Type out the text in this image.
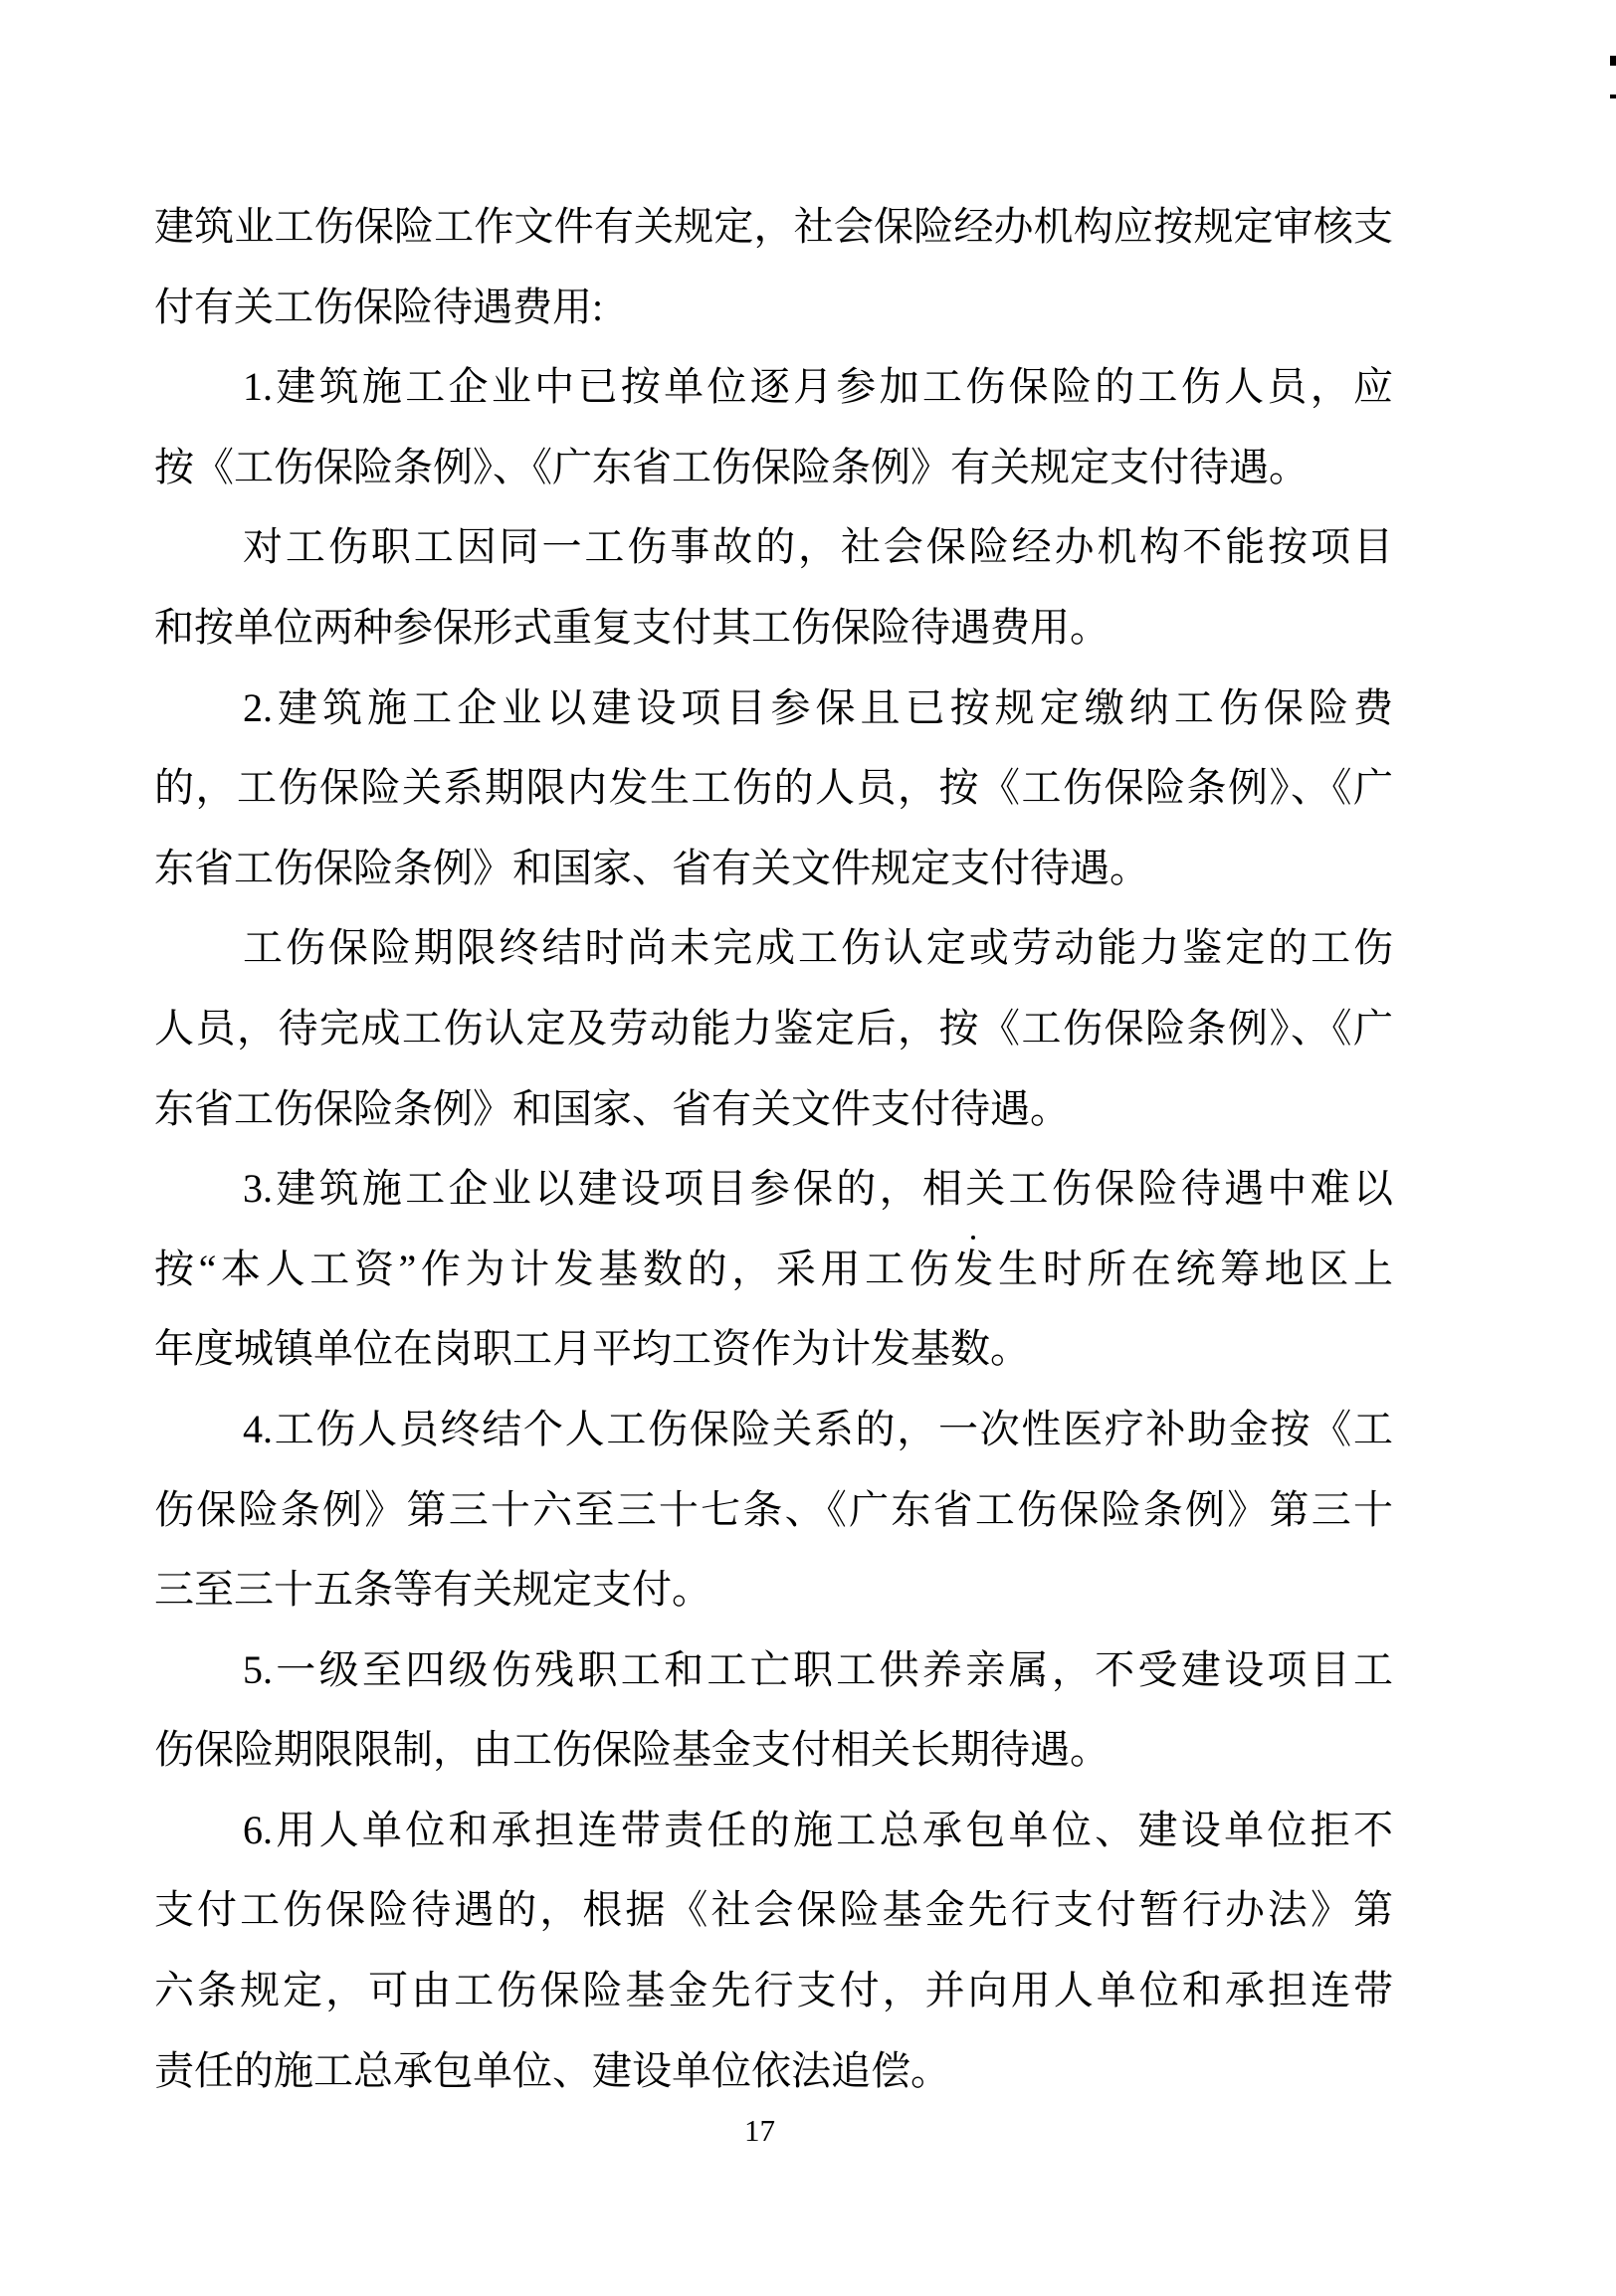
建筑业工伤保险工作文件有关规定，社会保险经办机构应按规定审核支
付有关工伤保险待遇费用:
1.建筑施工企业中已按单位逐月参加工伤保险的工伤人员，应
按《工伤保险条例》、《广东省工伤保险条例》有关规定支付待遇。
对工伤职工因同一工伤事故的，社会保险经办机构不能按项目
和按单位两种参保形式重复支付其工伤保险待遇费用。
2.建筑施工企业以建设项目参保且已按规定缴纳工伤保险费
的，工伤保险关系期限内发生工伤的人员，按《工伤保险条例》、《广
东省工伤保险条例》和国家、省有关文件规定支付待遇。
工伤保险期限终结时尚未完成工伤认定或劳动能力鉴定的工伤
人员，待完成工伤认定及劳动能力鉴定后，按《工伤保险条例》、《广
东省工伤保险条例》和国家、省有关文件支付待遇。
3.建筑施工企业以建设项目参保的，相关工伤保险待遇中难以
按“本人工资”作为计发基数的，采用工伤发生时所在统筹地区上
年度城镇单位在岗职工月平均工资作为计发基数。
4.工伤人员终结个人工伤保险关系的，一次性医疗补助金按《工
伤保险条例》第三十六至三十七条、《广东省工伤保险条例》第三十
三至三十五条等有关规定支付。
5.一级至四级伤残职工和工亡职工供养亲属，不受建设项目工
伤保险期限限制，由工伤保险基金支付相关长期待遇。
6.用人单位和承担连带责任的施工总承包单位、建设单位拒不
支付工伤保险待遇的，根据《社会保险基金先行支付暂行办法》第
六条规定，可由工伤保险基金先行支付，并向用人单位和承担连带
责任的施工总承包单位、建设单位依法追偿。
17
